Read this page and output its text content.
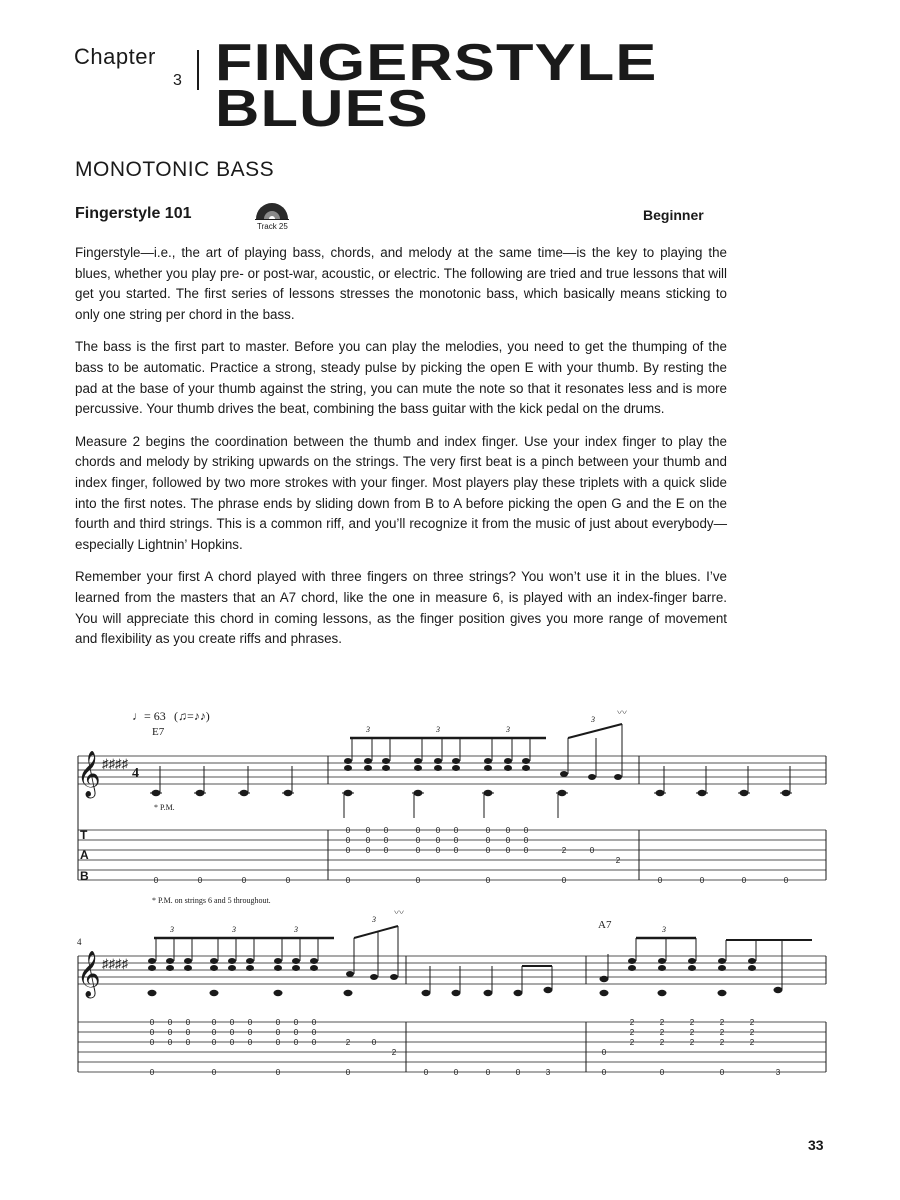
Chapter
3 FINGERSTYLE
BLUES
MONOTONIC BASS
Fingerstyle 101
Track 25
Beginner

Fingerstyle—i.e., the art of playing bass, chords, and melody at the same time—is the key to playing the blues, whether you play pre- or post-war, acoustic, or electric. The following are tried and true lessons that will get you started. The first series of lessons stresses the monotonic bass, which basically means sticking to only one string per chord in the bass.

The bass is the first part to master. Before you can play the melodies, you need to get the thumping of the bass to be automatic. Practice a strong, steady pulse by picking the open E with your thumb. By resting the pad at the base of your thumb against the string, you can mute the note so that it resonates less and is more percussive. Your thumb drives the beat, combining the bass guitar with the kick pedal on the drums.

Measure 2 begins the coordination between the thumb and index finger. Use your index finger to play the chords and melody by striking upwards on the strings. The very first beat is a pinch between your thumb and index finger, followed by two more strokes with your finger. Most players play these triplets with a quick slide into the first notes. The phrase ends by sliding down from B to A before picking the open G and the E on the fourth and third strings. This is a common riff, and you’ll recognize it from the music of just about everybody—especially Lightnin’ Hopkins.

Remember your first A chord played with three fingers on three strings? You won’t use it in the blues. I’ve learned from the masters that an A7 chord, like the one in measure 6, is played with an index-finger barre. You will appreciate this chord in coming lessons, as the finger position gives you more range of movement and flexibility as you create riffs and phrases.

♩= 63 (♫=♪♪)
E7
𝄞 ♯♯♯♯
4
T A B
* P.M.
3	3	3
3
〰
0	0	0	0
0
0
0
0
0
0
0
0
0
0
0
0
0
0
0
0
0
0
0
0
0
0
0
0
0
0
0	2	0
2
0	0	0	0	0	0	0	0
* P.M. on strings 6 and 5 throughout.
4
A7
𝄞 ♯♯♯♯
3	3	3
3
3
〰
0
0
0
0
0
0
0
0
0
0
0
0
0
0
0
0
0
0
0
0
0
0
0
0
0
0
0	2	0
2
0	0	0	0	0	0	0	0	3
2
2
2
2
2
2
2
2
2
2
2
2
2
2
2
0
0	0	0	3
33
